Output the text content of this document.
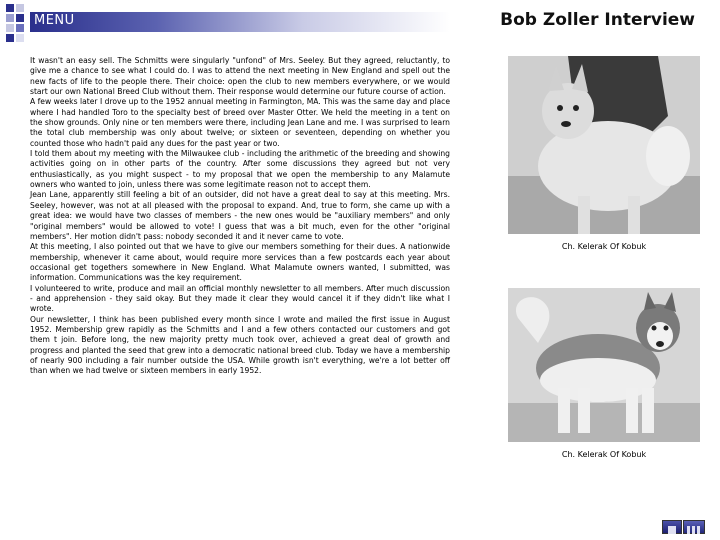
MENU	Bob Zoller Interview

It wasn't an easy sell. The Schmitts were singularly "unfond" of Mrs. Seeley. But they agreed, reluctantly, to give me a chance to see what I could do. I was to attend the next meeting in New England and spell out the new facts of life to the people there. Their choice: open the club to new members everywhere, or we would start our own National Breed Club without them. Their response would determine our future course of action.

A few weeks later I drove up to the 1952 annual meeting in Farmington, MA. This was the same day and place where I had handled Toro to the specialty best of breed over Master Otter. We held the meeting in a tent on the show grounds. Only nine or ten members were there, including Jean Lane and me. I was surprised to learn the total club membership was only about twelve; or sixteen or seventeen, depending on whether you counted those who hadn't paid any dues for the past year or two.

I told them about my meeting with the Milwaukee club - including the arithmetic of the breeding and showing activities going on in other parts of the country. After some discussions they agreed but not very enthusiastically, as you might suspect - to my proposal that we open the membership to any Malamute owners who wanted to join, unless there was some legitimate reason not to accept them.

Jean Lane, apparently still feeling a bit of an outsider, did not have a great deal to say at this meeting. Mrs. Seeley, however, was not at all pleased with the proposal to expand. And, true to form, she came up with a great idea: we would have two classes of members - the new ones would be "auxiliary members" and only "original members" would be allowed to vote! I guess that was a bit much, even for the other "original members". Her motion didn't pass: nobody seconded it and it never came to vote.

At this meeting, I also pointed out that we have to give our members something for their dues. A nationwide membership, whenever it came about, would require more services than a few postcards each year about occasional get togethers somewhere in New England. What Malamute owners wanted, I submitted, was information. Communications was the key requirement.

I volunteered to write, produce and mail an official monthly newsletter to all members. After much discussion - and apprehension - they said okay. But they made it clear they would cancel it if they didn't like what I wrote.

Our newsletter, I think has been published every month since I wrote and mailed the first issue in August 1952. Membership grew rapidly as the Schmitts and I and a few others contacted our customers and got them t join. Before long, the new majority pretty much took over, achieved a great deal of growth and progress and planted the seed that grew into a democratic national breed club. Today we have a membership of nearly 900 including a fair number outside the USA. While growth isn't everything, we're a lot better off than when we had twelve or sixteen members in early 1952.

Ch. Kelerak Of Kobuk
Ch. Kelerak Of Kobuk
